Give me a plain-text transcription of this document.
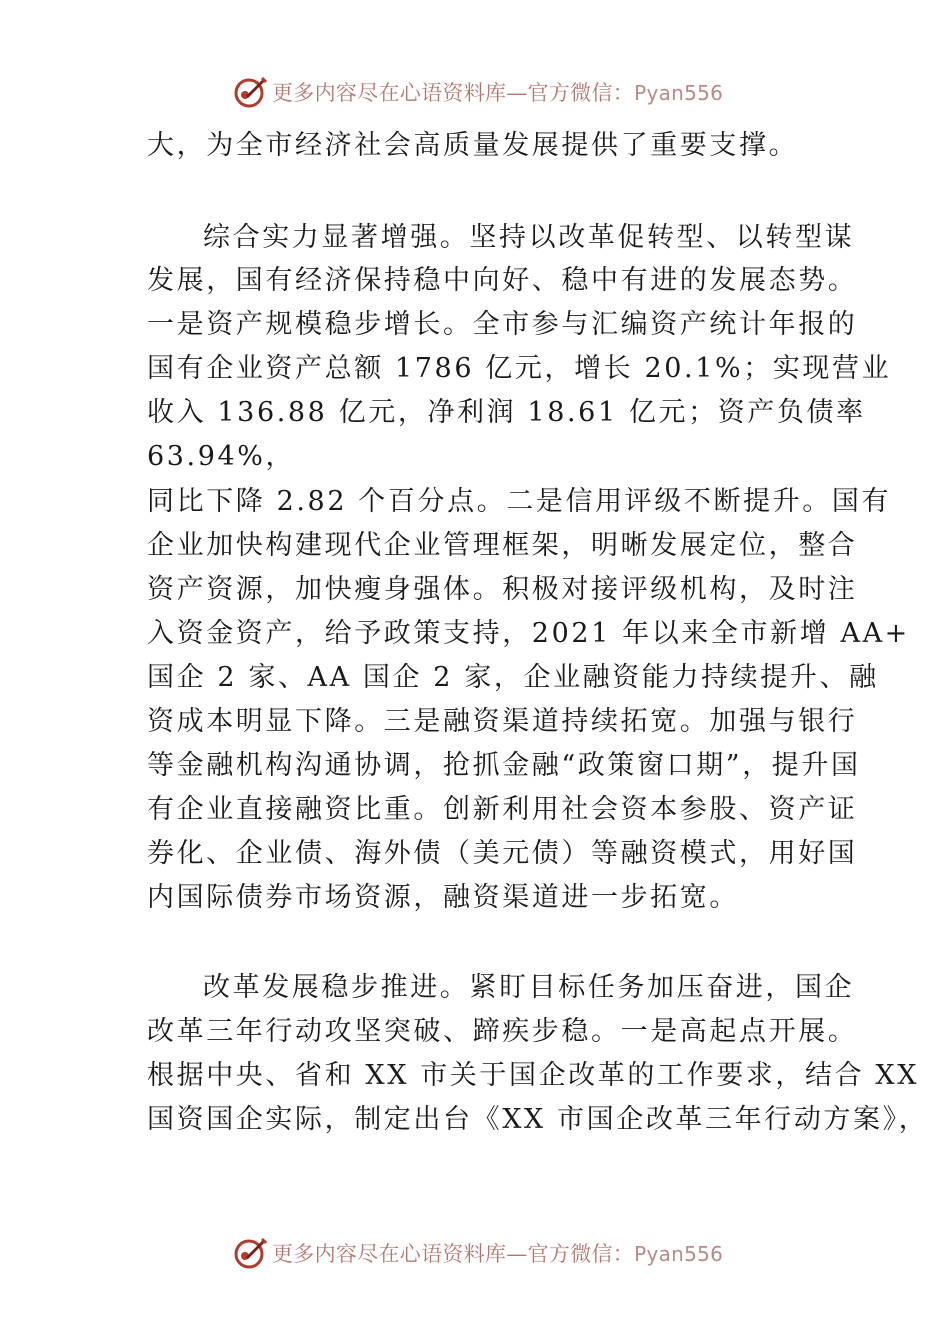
更多内容尽在心语资料库—官方微信：Pyan556
大，为全市经济社会高质量发展提供了重要支撑。
综合实力显著增强。坚持以改革促转型、以转型谋
发展，国有经济保持稳中向好、稳中有进的发展态势。
一是资产规模稳步增长。全市参与汇编资产统计年报的
国有企业资产总额 1786 亿元，增长 20.1%；实现营业
收入 136.88 亿元，净利润 18.61 亿元；资产负债率
63.94%，
同比下降 2.82 个百分点。二是信用评级不断提升。国有
企业加快构建现代企业管理框架，明晰发展定位，整合
资产资源，加快瘦身强体。积极对接评级机构，及时注
入资金资产，给予政策支持，2021 年以来全市新增 AA+
国企 2 家、AA 国企 2 家，企业融资能力持续提升、融
资成本明显下降。三是融资渠道持续拓宽。加强与银行
等金融机构沟通协调，抢抓金融“政策窗口期”，提升国
有企业直接融资比重。创新利用社会资本参股、资产证
券化、企业债、海外债（美元债）等融资模式，用好国
内国际债券市场资源，融资渠道进一步拓宽。
改革发展稳步推进。紧盯目标任务加压奋进，国企
改革三年行动攻坚突破、蹄疾步稳。一是高起点开展。
根据中央、省和 XX 市关于国企改革的工作要求，结合 XX
国资国企实际，制定出台《XX 市国企改革三年行动方案》，
更多内容尽在心语资料库—官方微信：Pyan556
